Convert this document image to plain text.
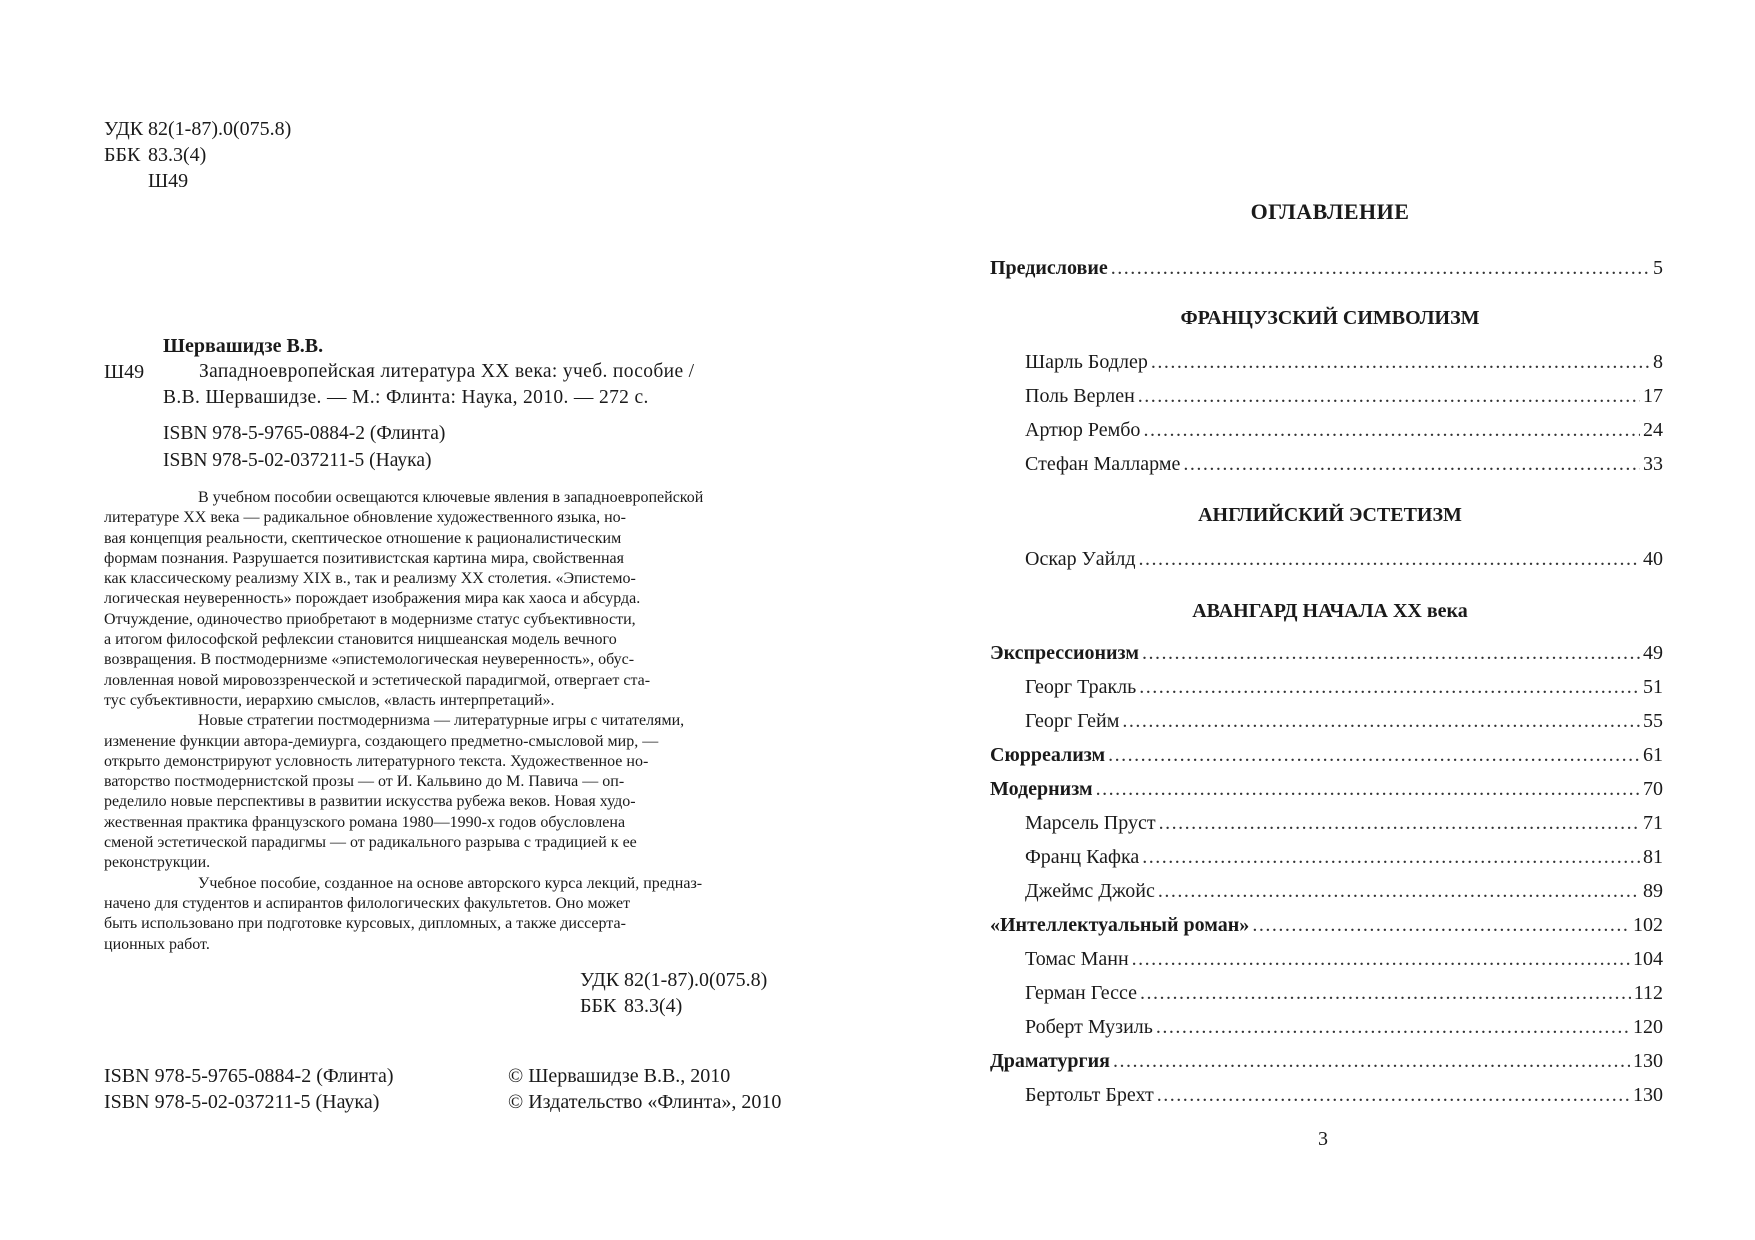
УДК 82(1-87).0(075.8)
ББК 83.3(4)
Ш49
Шервашидзе В.В.
Ш49	Западноевропейская литература XX века: учеб. пособие /
В.В. Шервашидзе. — М.: Флинта: Наука, 2010. — 272 с.
ISBN 978-5-9765-0884-2 (Флинта)
ISBN 978-5-02-037211-5 (Наука)

В учебном пособии освещаются ключевые явления в западноевропейской
литературе XX века — радикальное обновление художественного языка, но-
вая концепция реальности, скептическое отношение к рационалистическим
формам познания. Разрушается позитивистская картина мира, свойственная
как классическому реализму XIX в., так и реализму XX столетия. «Эпистемо-
логическая неуверенность» порождает изображения мира как хаоса и абсурда.
Отчуждение, одиночество приобретают в модернизме статус субъективности,
а итогом философской рефлексии становится ницшеанская модель вечного
возвращения. В постмодернизме «эпистемологическая неуверенность», обус-
ловленная новой мировоззренческой и эстетической парадигмой, отвергает ста-
тус субъективности, иерархию смыслов, «власть интерпретаций».

Новые стратегии постмодернизма — литературные игры с читателями,
изменение функции автора-демиурга, создающего предметно-смысловой мир, —
открыто демонстрируют условность литературного текста. Художественное но-
ваторство постмодернистской прозы — от И. Кальвино до М. Павича — оп-
ределило новые перспективы в развитии искусства рубежа веков. Новая худо-
жественная практика французского романа 1980—1990-х годов обусловлена
сменой эстетической парадигмы — от радикального разрыва с традицией к ее
реконструкции.

Учебное пособие, созданное на основе авторского курса лекций, предназ-
начено для студентов и аспирантов филологических факультетов. Оно может
быть использовано при подготовке курсовых, дипломных, а также диссерта-
ционных работ.

УДК 82(1-87).0(075.8)
ББК 83.3(4)
ISBN 978-5-9765-0884-2 (Флинта)
ISBN 978-5-02-037211-5 (Наука)
© Шервашидзе В.В., 2010
© Издательство «Флинта», 2010
ОГЛАВЛЕНИЕ
Предисловие .....	5
ФРАНЦУЗСКИЙ СИМВОЛИЗМ
Шарль Бодлер .....	8
Поль Верлен .....	17
Артюр Рембо .....	24
Стефан Малларме .....	33
АНГЛИЙСКИЙ ЭСТЕТИЗМ
Оскар Уайлд .....	40
АВАНГАРД НАЧАЛА XX века
Экспрессионизм .....	49
Георг Тракль .....	51
Георг Гейм .....	55
Сюрреализм .....	61
Модернизм .....	70
Марсель Пруст .....	71
Франц Кафка .....	81
Джеймс Джойс .....	89
«Интеллектуальный роман» .....	102
Томас Манн .....	104
Герман Гессе .....	112
Роберт Музиль .....	120
Драматургия .....	130
Бертольт Брехт .....	130
3
